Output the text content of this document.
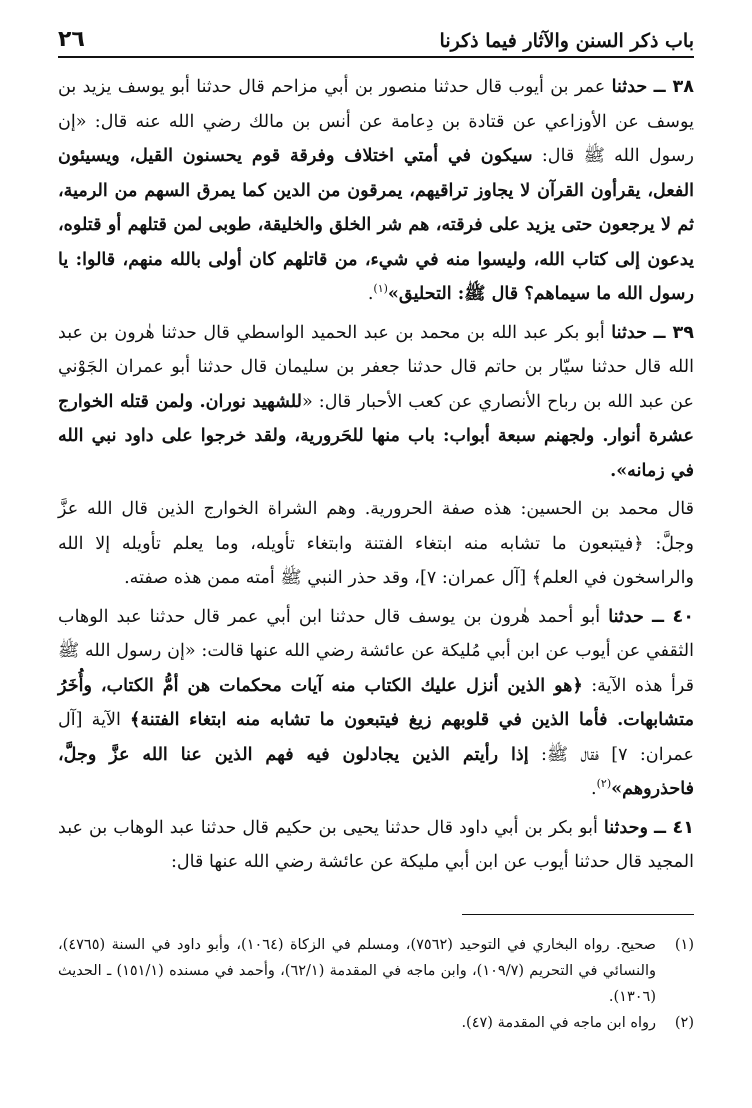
باب ذكر السنن والآثار فيما ذكرنا
٢٦

٣٨ ــ حدثنا عمر بن أيوب قال حدثنا منصور بن أبي مزاحم قال حدثنا أبو يوسف يزيد بن يوسف عن الأوزاعي عن قتادة بن دِعامة عن أنس بن مالك رضي الله عنه قال: «إن رسول الله ﷺ قال: سيكون في أمتي اختلاف وفرقة قوم يحسنون القيل، ويسيئون الفعل، يقرأون القرآن لا يجاوز تراقيهم، يمرقون من الدين كما يمرق السهم من الرمية، ثم لا يرجعون حتى يزيد على فرقته، هم شر الخلق والخليقة، طوبى لمن قتلهم أو قتلوه، يدعون إلى كتاب الله، وليسوا منه في شيء، من قاتلهم كان أولى بالله منهم، قالوا: يا رسول الله ما سيماهم؟ قال ﷺ: التحليق»$^{(١)}$.

٣٩ ــ حدثنا أبو بكر عبد الله بن محمد بن عبد الحميد الواسطي قال حدثنا هٰرون بن عبد الله قال حدثنا سيّار بن حاتم قال حدثنا جعفر بن سليمان قال حدثنا أبو عمران الجَوْني عن عبد الله بن رباح الأنصاري عن كعب الأحبار قال: «للشهيد نوران. ولمن قتله الخوارج عشرة أنوار. ولجهنم سبعة أبواب: باب منها للحَرورية، ولقد خرجوا على داود نبي الله في زمانه».

قال محمد بن الحسين: هذه صفة الحرورية. وهم الشراة الخوارج الذين قال الله عزَّ وجلَّ: ﴿فيتبعون ما تشابه منه ابتغاء الفتنة وابتغاء تأويله، وما يعلم تأويله إلا الله والراسخون في العلم﴾ [آل عمران: ٧]، وقد حذر النبي ﷺ أمته ممن هذه صفته.

٤٠ ــ حدثنا أبو أحمد هٰرون بن يوسف قال حدثنا ابن أبي عمر قال حدثنا عبد الوهاب الثقفي عن أيوب عن ابن أبي مُليكة عن عائشة رضي الله عنها قالت: «إن رسول الله ﷺ قرأ هذه الآية: ﴿هو الذين أنزل عليك الكتاب منه آيات محكمات هن أمُّ الكتاب، وأُخَرُ متشابهات. فأما الذين في قلوبهم زيغ فيتبعون ما تشابه منه ابتغاء الفتنة﴾ الآية [آل عمران: ٧] فقال ﷺ: إذا رأيتم الذين يجادلون فيه فهم الذين عنا الله عزَّ وجلَّ، فاحذروهم»$^{(٢)}$.

٤١ ــ وحدثنا أبو بكر بن أبي داود قال حدثنا يحيى بن حكيم قال حدثنا عبد الوهاب بن عبد المجيد قال حدثنا أيوب عن ابن أبي مليكة عن عائشة رضي الله عنها قال:

(١)
صحيح. رواه البخاري في التوحيد (٧٥٦٢)، ومسلم في الزكاة (١٠٦٤)، وأبو داود في السنة (٤٧٦٥)، والنسائي في التحريم (١٠٩/٧)، وابن ماجه في المقدمة (٦٢/١)، وأحمد في مسنده (١٥١/١) ـ الحديث (١٣٠٦).

(٢)
رواه ابن ماجه في المقدمة (٤٧).
